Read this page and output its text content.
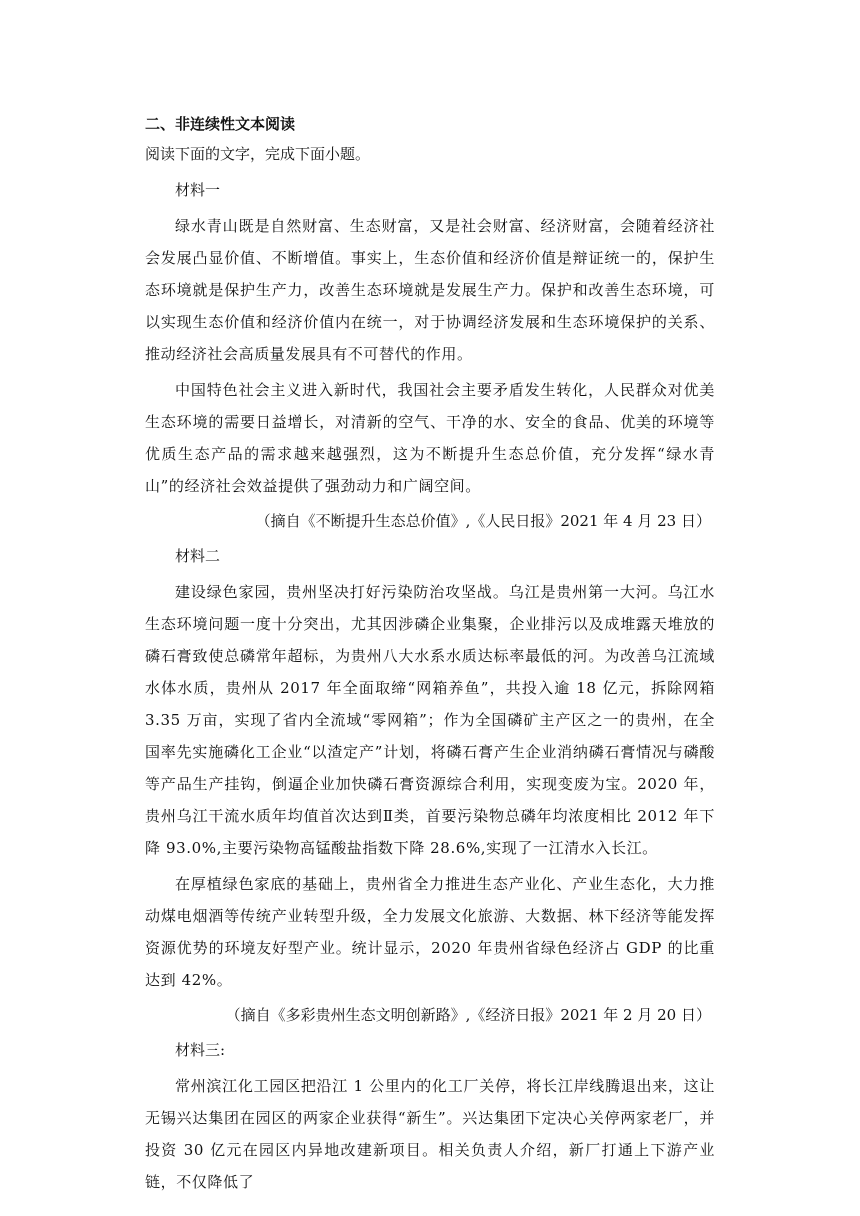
二、非连续性文本阅读

阅读下面的文字，完成下面小题。

材料一

绿水青山既是自然财富、生态财富，又是社会财富、经济财富，会随着经济社会发展凸显价值、不断增值。事实上，生态价值和经济价值是辩证统一的，保护生态环境就是保护生产力，改善生态环境就是发展生产力。保护和改善生态环境，可以实现生态价值和经济价值内在统一，对于协调经济发展和生态环境保护的关系、推动经济社会高质量发展具有不可替代的作用。

中国特色社会主义进入新时代，我国社会主要矛盾发生转化，人民群众对优美生态环境的需要日益增长，对清新的空气、干净的水、安全的食品、优美的环境等优质生态产品的需求越来越强烈，这为不断提升生态总价值，充分发挥“绿水青山”的经济社会效益提供了强劲动力和广阔空间。

（摘自《不断提升生态总价值》,《人民日报》2021 年 4 月 23 日）

材料二

建设绿色家园，贵州坚决打好污染防治攻坚战。乌江是贵州第一大河。乌江水生态环境问题一度十分突出，尤其因涉磷企业集聚，企业排污以及成堆露天堆放的磷石膏致使总磷常年超标，为贵州八大水系水质达标率最低的河。为改善乌江流域水体水质，贵州从 2017 年全面取缔“网箱养鱼”，共投入逾 18 亿元，拆除网箱 3.35 万亩，实现了省内全流域“零网箱”；作为全国磷矿主产区之一的贵州，在全国率先实施磷化工企业“以渣定产”计划，将磷石膏产生企业消纳磷石膏情况与磷酸等产品生产挂钩，倒逼企业加快磷石膏资源综合利用，实现变废为宝。2020 年，贵州乌江干流水质年均值首次达到Ⅱ类，首要污染物总磷年均浓度相比 2012 年下降 93.0%,主要污染物高锰酸盐指数下降 28.6%,实现了一江清水入长江。

在厚植绿色家底的基础上，贵州省全力推进生态产业化、产业生态化，大力推动煤电烟酒等传统产业转型升级，全力发展文化旅游、大数据、林下经济等能发挥资源优势的环境友好型产业。统计显示，2020 年贵州省绿色经济占 GDP 的比重达到 42%。

（摘自《多彩贵州生态文明创新路》,《经济日报》2021 年 2 月 20 日）

材料三:

常州滨江化工园区把沿江 1 公里内的化工厂关停，将长江岸线腾退出来，这让无锡兴达集团在园区的两家企业获得“新生”。兴达集团下定决心关停两家老厂，并投资 30 亿元在园区内异地改建新项目。相关负责人介绍，新厂打通上下游产业链，不仅降低了
